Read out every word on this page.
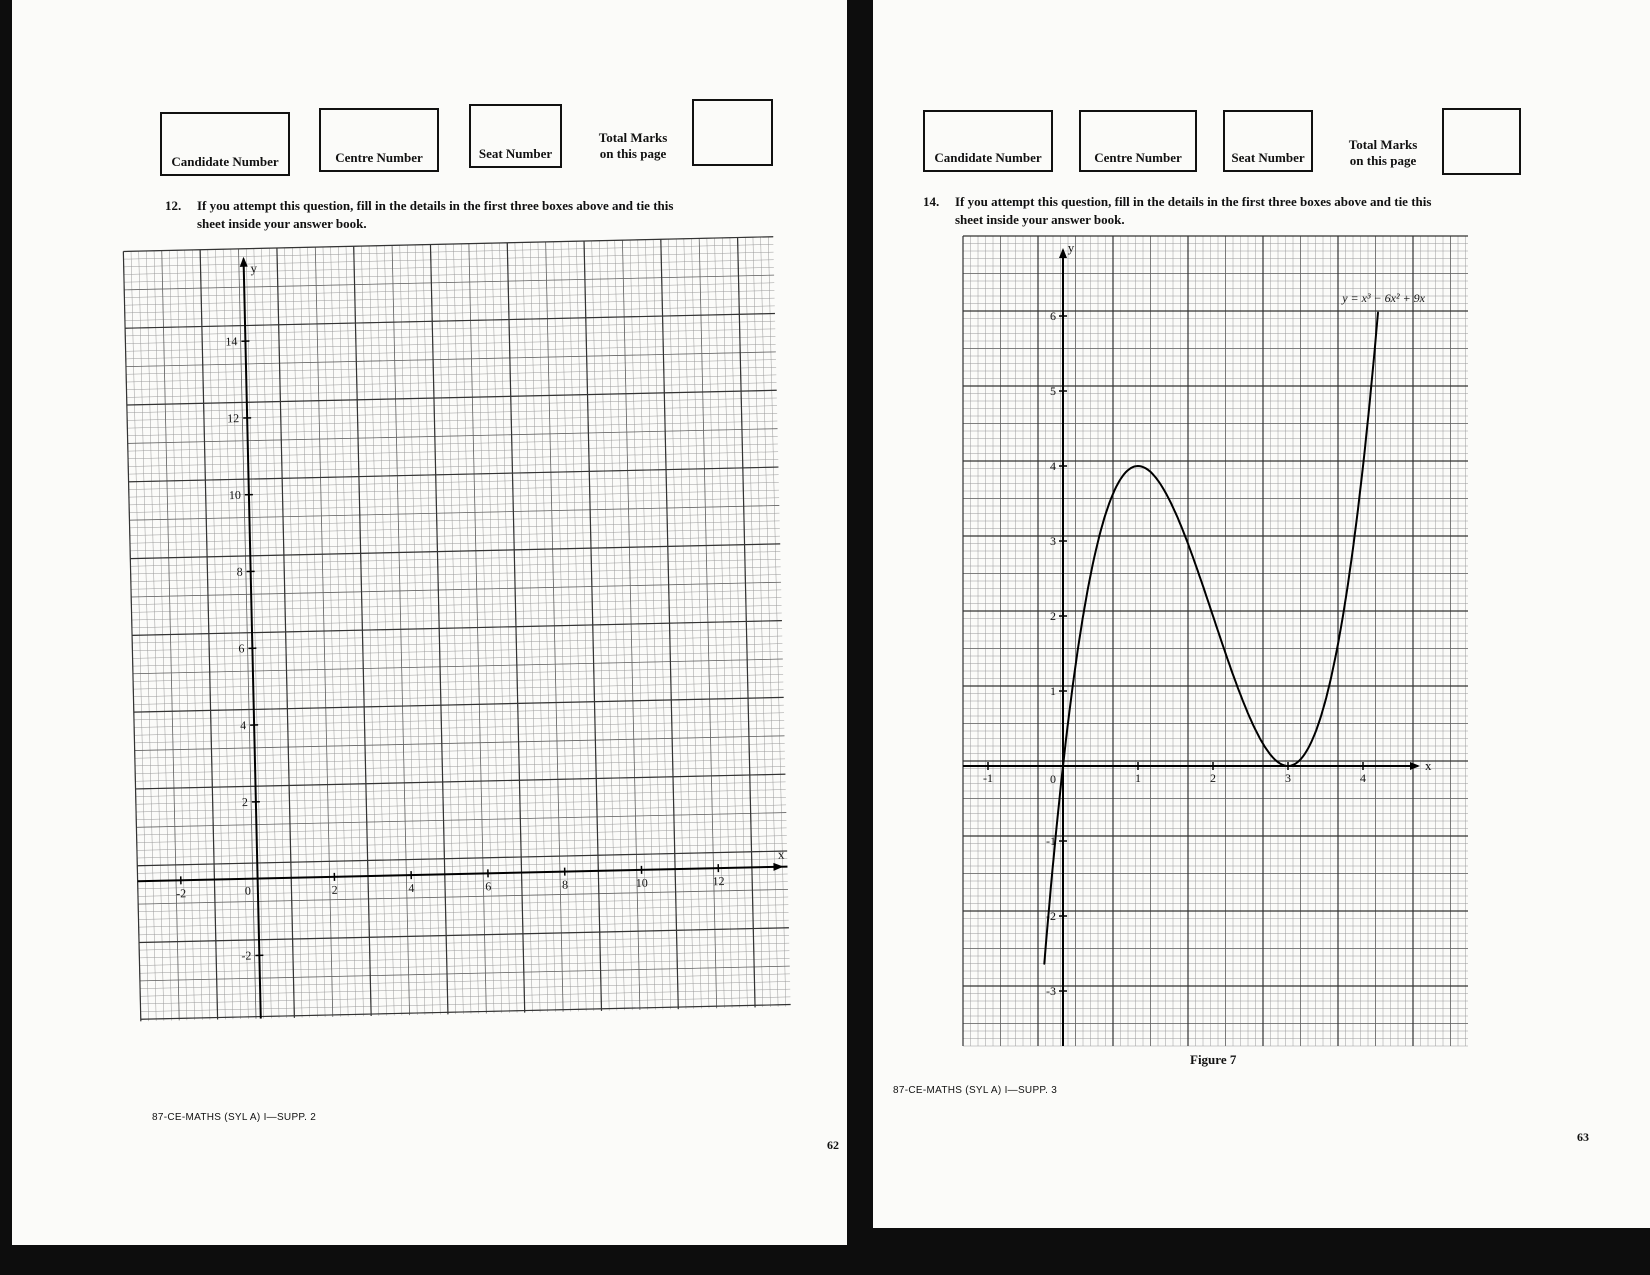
Candidate Number	Centre Number	Seat Number
Total Marks
on this page
12. If you attempt this question, fill in the details in the first three boxes above and tie this
sheet inside your answer book.
x
y
0
-2	2	4	6	8	10	12
14
12
10
8
6
4
2
-2
87-CE-MATHS (SYL A) I—SUPP. 2
62
Candidate Number	Centre Number	Seat Number
Total Marks
on this page
14. If you attempt this question, fill in the details in the first three boxes above and tie this
sheet inside your answer book.
x
y
0
-1	1	2	3	4
6
5
4
3
2
1
-1
-2
-3
y = x³ − 6x² + 9x
Figure 7
87-CE-MATHS (SYL A) I—SUPP. 3
63
